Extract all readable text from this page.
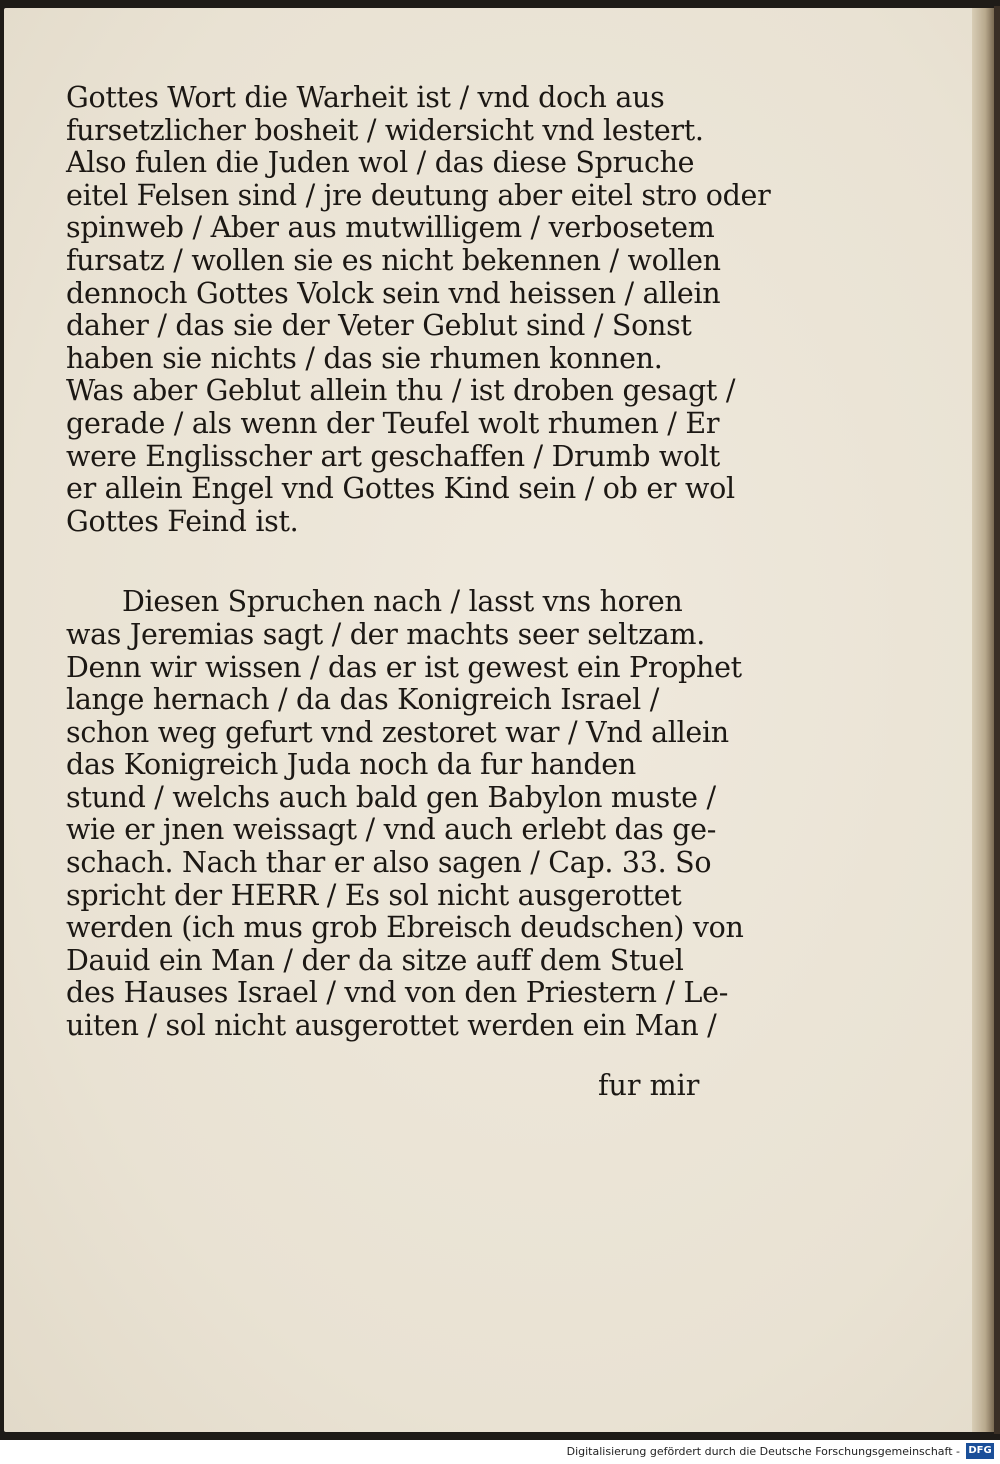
Gottes Wort die Warheit ist / vnd doch aus
fursetzlicher bosheit / widersicht vnd lestert.
Also fulen die Juden wol / das diese Spruche
eitel Felsen sind / jre deutung aber eitel stro oder
spinweb / Aber aus mutwilligem / verbosetem
fursatz / wollen sie es nicht bekennen / wollen
dennoch Gottes Volck sein vnd heissen / allein
daher / das sie der Veter Geblut sind / Sonst
haben sie nichts / das sie rhumen konnen.
Was aber Geblut allein thu / ist droben gesagt /
gerade / als wenn der Teufel wolt rhumen / Er
were Englisscher art geschaffen / Drumb wolt
er allein Engel vnd Gottes Kind sein / ob er wol
Gottes Feind ist.
Diesen Spruchen nach / lasst vns horen
was Jeremias sagt / der machts seer seltzam.
Denn wir wissen / das er ist gewest ein Prophet
lange hernach / da das Konigreich Israel /
schon weg gefurt vnd zestoret war / Vnd allein
das Konigreich Juda noch da fur handen
stund / welchs auch bald gen Babylon muste /
wie er jnen weissagt / vnd auch erlebt das ge-
schach. Nach thar er also sagen / Cap. 33. So
spricht der HERR / Es sol nicht ausgerottet
werden (ich mus grob Ebreisch deudschen) von
Dauid ein Man / der da sitze auff dem Stuel
des Hauses Israel / vnd von den Priestern / Le-
uiten / sol nicht ausgerottet werden ein Man /
fur mir
Digitalisierung gefördert durch die Deutsche Forschungsgemeinschaft - DFG
